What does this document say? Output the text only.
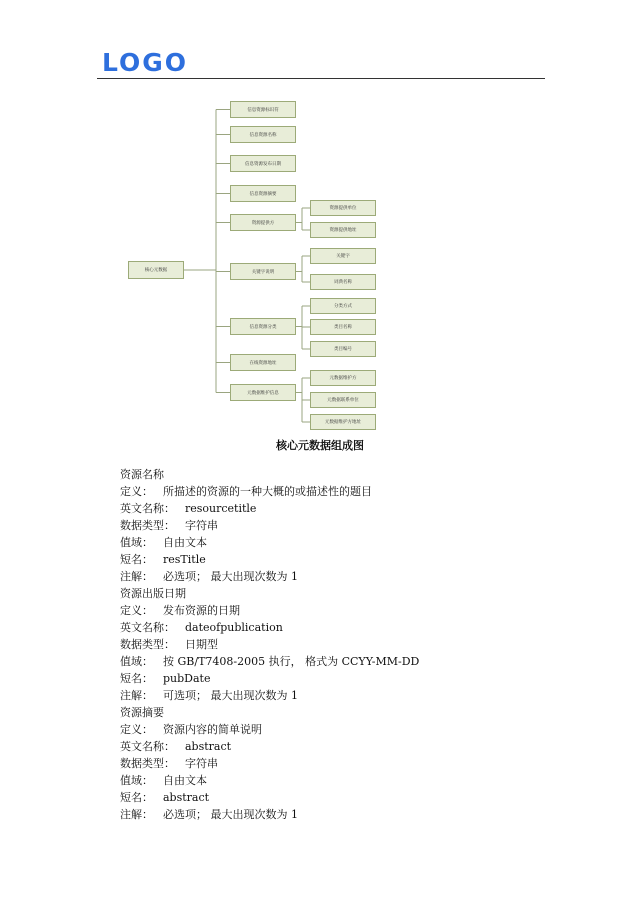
LOGO
核心元数据
信息资源标识符
信息资源名称
信息资源发布日期
信息资源摘要
资源提供方
资源提供单位
资源提供地址
关键字说明
关键字
词典名称
信息资源分类
分类方式
类目名称
类目编号
在线资源地址
元数据维护信息
元数据维护方
元数据联系单位
元数据维护方地址
核心元数据组成图
资源名称
定义： 所描述的资源的一种大概的或描述性的题目
英文名称： resourcetitle
数据类型： 字符串
值域： 自由文本
短名： resTitle
注解： 必选项； 最大出现次数为 1
资源出版日期
定义： 发布资源的日期
英文名称： dateofpublication
数据类型： 日期型
值域： 按 GB/T7408-2005 执行， 格式为 CCYY-MM-DD
短名： pubDate
注解： 可选项； 最大出现次数为 1
资源摘要
定义： 资源内容的简单说明
英文名称： abstract
数据类型： 字符串
值域： 自由文本
短名： abstract
注解： 必选项； 最大出现次数为 1
